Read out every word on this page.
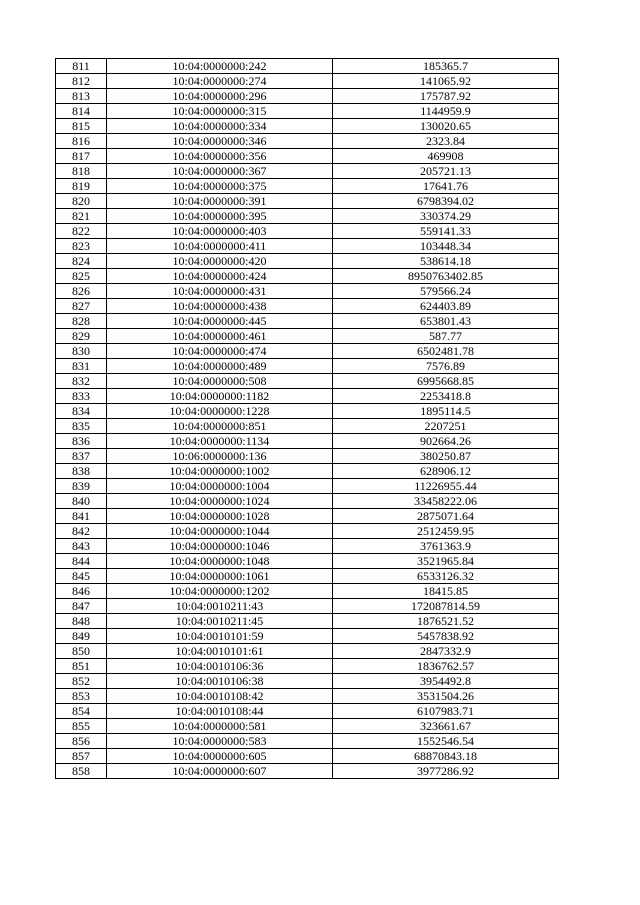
811	10:04:0000000:242	185365.7
812	10:04:0000000:274	141065.92
813	10:04:0000000:296	175787.92
814	10:04:0000000:315	1144959.9
815	10:04:0000000:334	130020.65
816	10:04:0000000:346	2323.84
817	10:04:0000000:356	469908
818	10:04:0000000:367	205721.13
819	10:04:0000000:375	17641.76
820	10:04:0000000:391	6798394.02
821	10:04:0000000:395	330374.29
822	10:04:0000000:403	559141.33
823	10:04:0000000:411	103448.34
824	10:04:0000000:420	538614.18
825	10:04:0000000:424	8950763402.85
826	10:04:0000000:431	579566.24
827	10:04:0000000:438	624403.89
828	10:04:0000000:445	653801.43
829	10:04:0000000:461	587.77
830	10:04:0000000:474	6502481.78
831	10:04:0000000:489	7576.89
832	10:04:0000000:508	6995668.85
833	10:04:0000000:1182	2253418.8
834	10:04:0000000:1228	1895114.5
835	10:04:0000000:851	2207251
836	10:04:0000000:1134	902664.26
837	10:06:0000000:136	380250.87
838	10:04:0000000:1002	628906.12
839	10:04:0000000:1004	11226955.44
840	10:04:0000000:1024	33458222.06
841	10:04:0000000:1028	2875071.64
842	10:04:0000000:1044	2512459.95
843	10:04:0000000:1046	3761363.9
844	10:04:0000000:1048	3521965.84
845	10:04:0000000:1061	6533126.32
846	10:04:0000000:1202	18415.85
847	10:04:0010211:43	172087814.59
848	10:04:0010211:45	1876521.52
849	10:04:0010101:59	5457838.92
850	10:04:0010101:61	2847332.9
851	10:04:0010106:36	1836762.57
852	10:04:0010106:38	3954492.8
853	10:04:0010108:42	3531504.26
854	10:04:0010108:44	6107983.71
855	10:04:0000000:581	323661.67
856	10:04:0000000:583	1552546.54
857	10:04:0000000:605	68870843.18
858	10:04:0000000:607	3977286.92
